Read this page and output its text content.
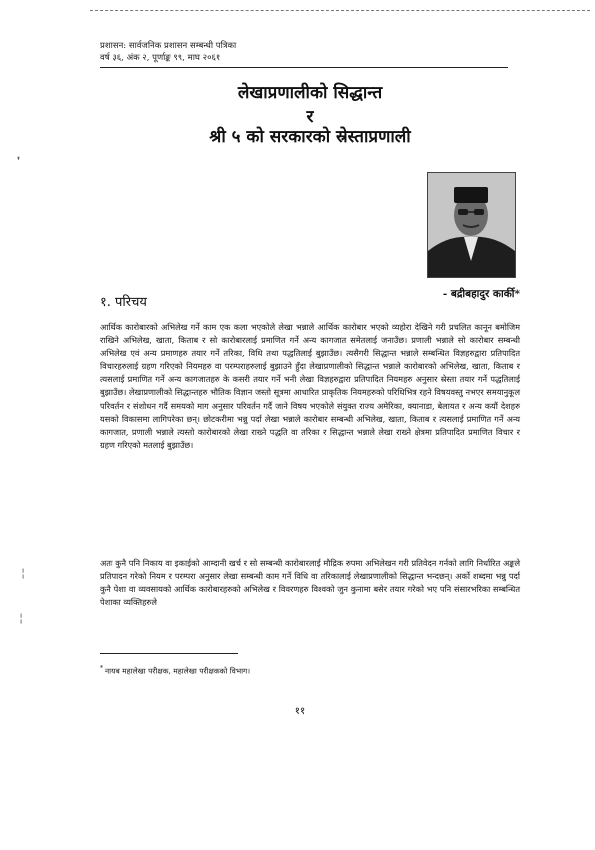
प्रशासन: सार्वजनिक प्रशासन सम्बन्धी पत्रिका
वर्ष ३६, अंक २, पूर्णाङ्क ९९, माघ २०६१
लेखाप्रणालीको सिद्धान्त
र
श्री ५ को सरकारको स्रेस्ताप्रणाली
- बद्रीबहादुर कार्की*
१. परिचय
आर्थिक कारोबारको अभिलेख गर्ने काम एक कला भएकोले लेखा भन्नाले आर्थिक कारोबार भएको व्यहोरा देखिने गरी प्रचलित कानून बमोजिम राखिने अभिलेख, खाता, किताब र सो कारोबारलाई प्रमाणित गर्ने अन्य कागजात समेतलाई जनाउँछ। प्रणाली भन्नाले सो कारोबार सम्बन्धी अभिलेख एवं अन्य प्रमाणहरु तयार गर्ने तरिका, विधि तथा पद्धतिलाई बुझाउँछ। त्यसैगरी सिद्धान्त भन्नाले सम्बन्धित विज्ञहरुद्वारा प्रतिपादित विचारहरुलाई ग्रहण गरिएको नियमहरु वा परम्पराहरुलाई बुझाउने हुँदा लेखाप्रणालीको सिद्धान्त भन्नाले कारोबारको अभिलेख, खाता, किताब र त्यसलाई प्रमाणित गर्ने अन्य कागजातहरु के कसरी तयार गर्ने भनी लेखा विज्ञहरुद्वारा प्रतिपादित नियमहरु अनुसार स्रेस्ता तयार गर्ने पद्धतिलाई बुझाउँछ। लेखाप्रणालीको सिद्धान्तहरु भौतिक विज्ञान जस्तो सूत्रमा आधारित प्राकृतिक नियमहरुको परिधिभित्र रहने विषयवस्तु नभएर समयानुकूल परिवर्तन र संशोधन गर्दै समयको माग अनुसार परिवर्तन गर्दै जाने विषय भएकोले संयुक्त राज्य अमेरिका, क्यानाडा, बेलायत र अन्य कयौं देशहरु यसको विकासमा लागिपरेका छन्। छोटकरीमा भन्नु पर्दा लेखा भन्नाले कारोबार सम्बन्धी अभिलेख, खाता, किताब र त्यसलाई प्रमाणित गर्ने अन्य कागजात, प्रणाली भन्नाले त्यस्तो कारोबारको लेखा राख्ने पद्धति वा तरिका र सिद्धान्त भन्नाले लेखा राख्ने क्षेत्रमा प्रतिपादित प्रमाणित विचार र ग्रहण गरिएको मतलाई बुझाउँछ।
अतः कुनै पनि निकाय वा इकाईको आम्दानी खर्च र सो सम्बन्धी कारोबारलाई मौद्रिक रुपमा अभिलेखन गरी प्रतिवेदन गर्नको लागि निर्धारित अङ्कले प्रतिपादन गरेको नियम र परम्परा अनुसार लेखा सम्बन्धी काम गर्ने विधि वा तरिकालाई लेखाप्रणालीको सिद्धान्त भन्दछन्। अर्को शब्दमा भन्नु पर्दा कुनै पेशा वा व्यवसायको आर्थिक कारोबारहरुको अभिलेख र विवरणहरु विश्वको जुन कुनामा बसेर तयार गरेको भए पनि संसारभरिका सम्बन्धित पेशाका व्यक्तिहरुले
* नायब महालेखा परीक्षक, महालेखा परीक्षकको विभाग।
११
❜
╎
╎
